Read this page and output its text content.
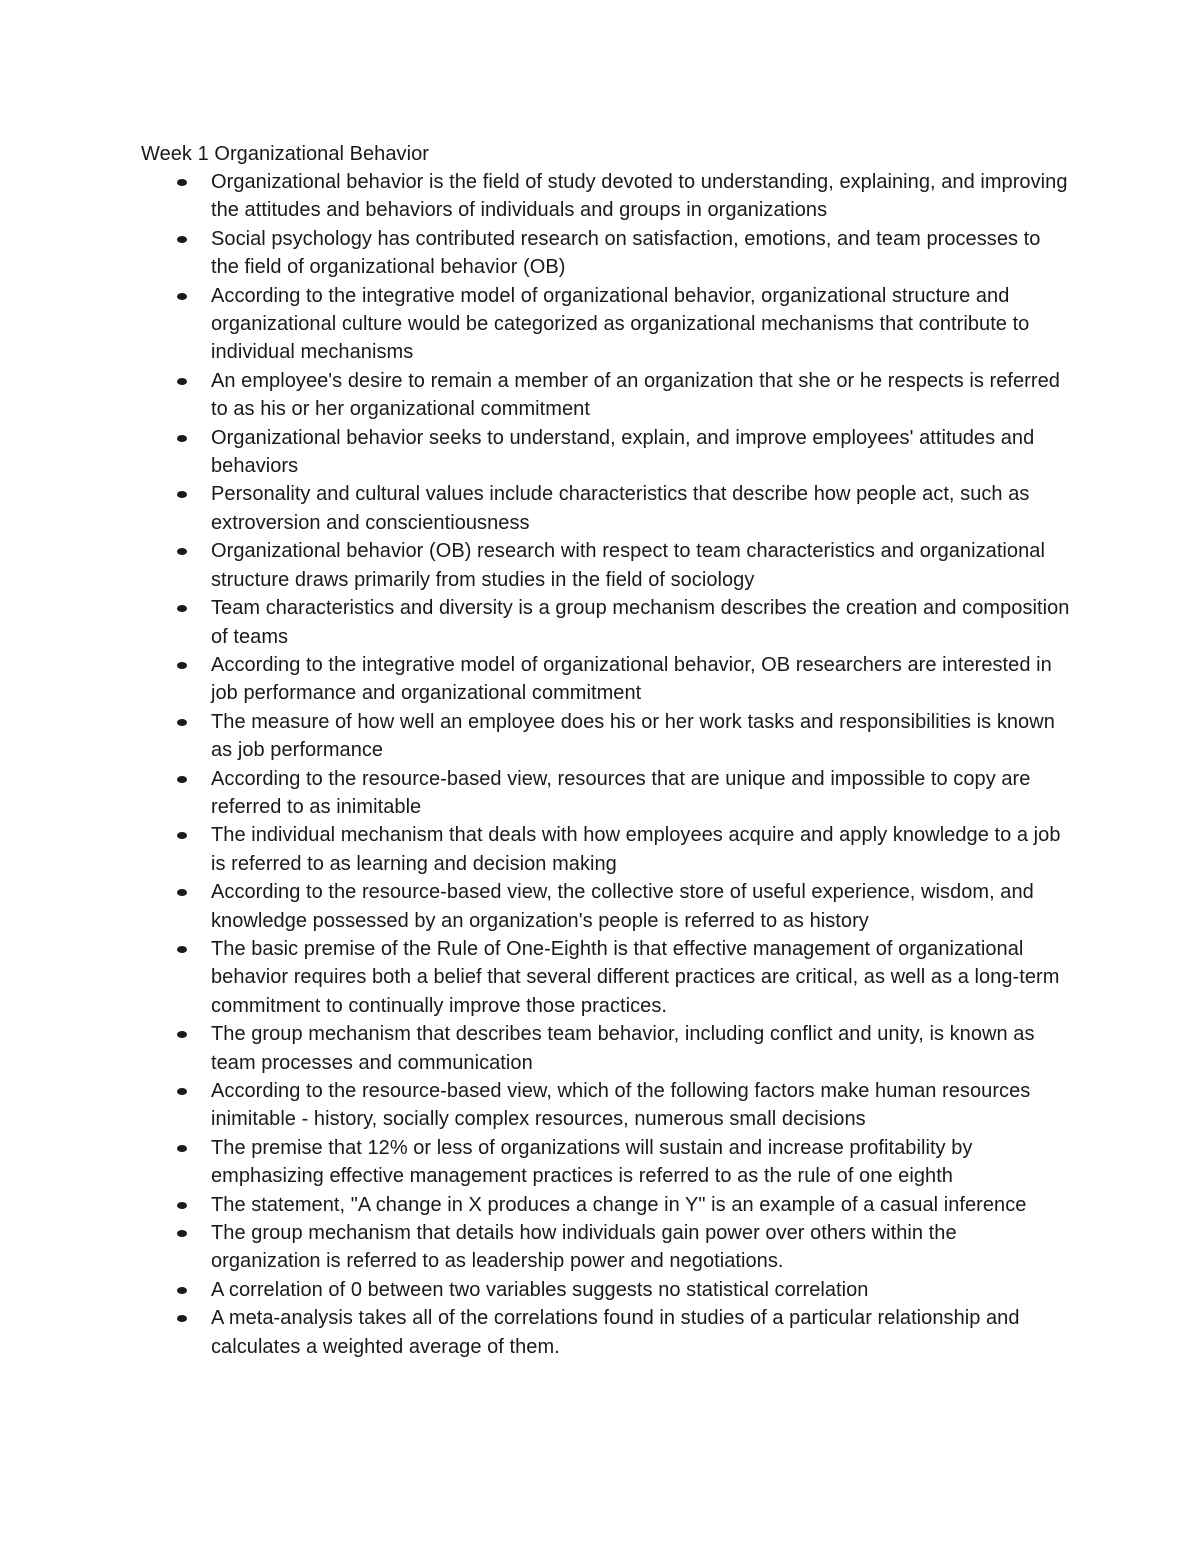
Week 1 Organizational Behavior
Organizational behavior is the field of study devoted to understanding, explaining, and improving the attitudes and behaviors of individuals and groups in organizations
Social psychology has contributed research on satisfaction, emotions, and team processes to the field of organizational behavior (OB)
According to the integrative model of organizational behavior, organizational structure and organizational culture would be categorized as organizational mechanisms that contribute to individual mechanisms
An employee's desire to remain a member of an organization that she or he respects is referred to as his or her organizational commitment
Organizational behavior seeks to understand, explain, and improve employees' attitudes and behaviors
Personality and cultural values include characteristics that describe how people act, such as extroversion and conscientiousness
Organizational behavior (OB) research with respect to team characteristics and organizational structure draws primarily from studies in the field of sociology
Team characteristics and diversity is a group mechanism describes the creation and composition of teams
According to the integrative model of organizational behavior, OB researchers are interested in job performance and organizational commitment
The measure of how well an employee does his or her work tasks and responsibilities is known as job performance
According to the resource-based view, resources that are unique and impossible to copy are referred to as inimitable
The individual mechanism that deals with how employees acquire and apply knowledge to a job is referred to as learning and decision making
According to the resource-based view, the collective store of useful experience, wisdom, and knowledge possessed by an organization's people is referred to as history
The basic premise of the Rule of One-Eighth is that effective management of organizational behavior requires both a belief that several different practices are critical, as well as a long-term commitment to continually improve those practices.
The group mechanism that describes team behavior, including conflict and unity, is known as team processes and communication
According to the resource-based view, which of the following factors make human resources inimitable - history, socially complex resources, numerous small decisions
The premise that 12% or less of organizations will sustain and increase profitability by emphasizing effective management practices is referred to as the rule of one eighth
The statement, "A change in X produces a change in Y" is an example of a casual inference
The group mechanism that details how individuals gain power over others within the organization is referred to as leadership power and negotiations.
A correlation of 0 between two variables suggests no statistical correlation
A meta-analysis takes all of the correlations found in studies of a particular relationship and calculates a weighted average of them.
